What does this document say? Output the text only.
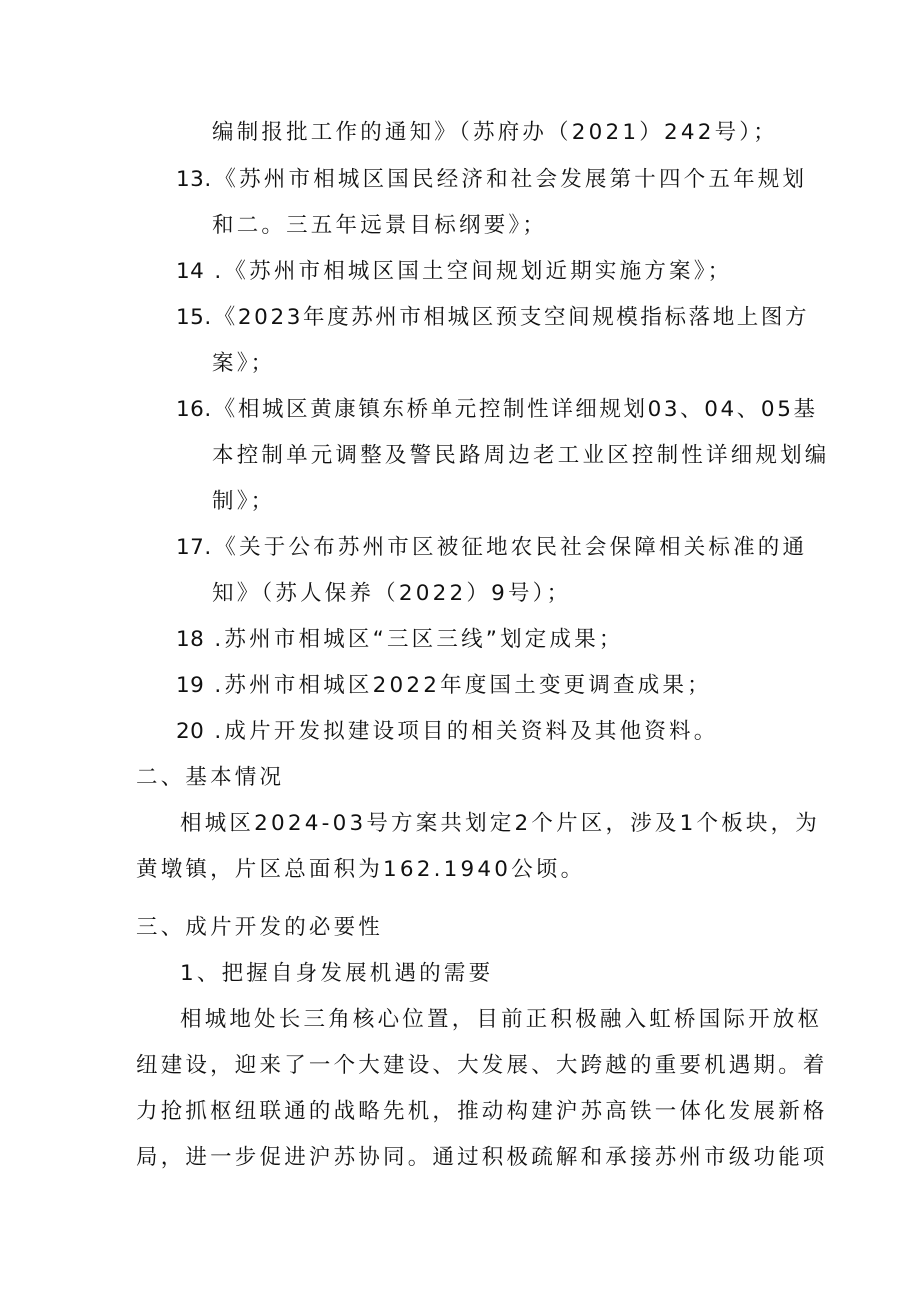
编制报批工作的通知》（苏府办（2021）242号）；
13.《苏州市相城区国民经济和社会发展第十四个五年规划
和二。三五年远景目标纲要》；
14 .《苏州市相城区国土空间规划近期实施方案》；
15.《2023年度苏州市相城区预支空间规模指标落地上图方
案》；
16.《相城区黄康镇东桥单元控制性详细规划03、04、05基
本控制单元调整及警民路周边老工业区控制性详细规划编
制》；
17.《关于公布苏州市区被征地农民社会保障相关标准的通
知》（苏人保养（2022）9号）；
18 .苏州市相城区“三区三线”划定成果；
19 .苏州市相城区2022年度国土变更调查成果；
20 .成片开发拟建设项目的相关资料及其他资料。
二、基本情况
相城区2024-03号方案共划定2个片区，涉及1个板块，为
黄墩镇，片区总面积为162.1940公顷。
三、成片开发的必要性
1、把握自身发展机遇的需要
相城地处长三角核心位置，目前正积极融入虹桥国际开放枢
纽建设，迎来了一个大建设、大发展、大跨越的重要机遇期。着
力抢抓枢纽联通的战略先机，推动构建沪苏高铁一体化发展新格
局，进一步促进沪苏协同。通过积极疏解和承接苏州市级功能项
